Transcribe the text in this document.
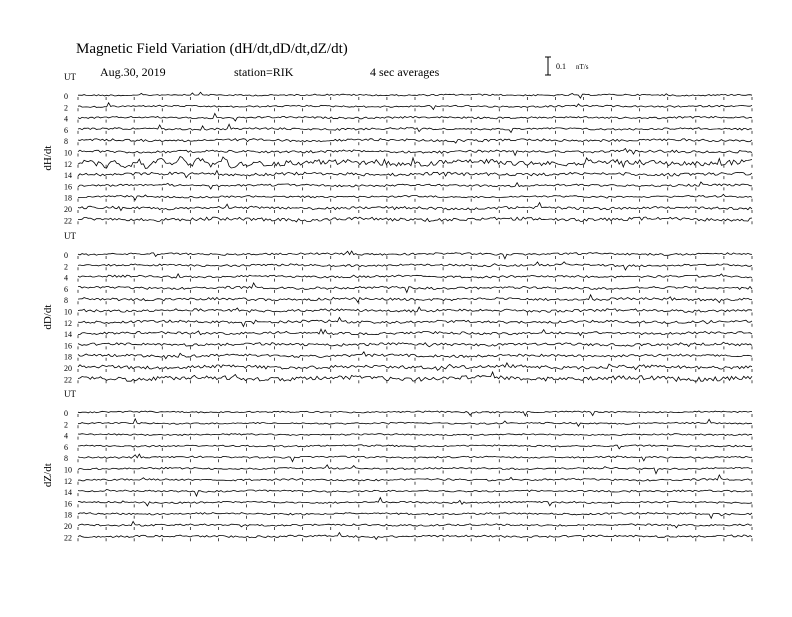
Magnetic Field Variation (dH/dt,dD/dt,dZ/dt)
Aug.30, 2019	station=RIK	4 sec averages	0.1 nT/s
UT
dH/dt
0
2
4
6
8
10
12
14
16
18
20
22
UT
dD/dt
0
2
4
6
8
10
12
14
16
18
20
22
UT
dZ/dt
0
2
4
6
8
10
12
14
16
18
20
22
